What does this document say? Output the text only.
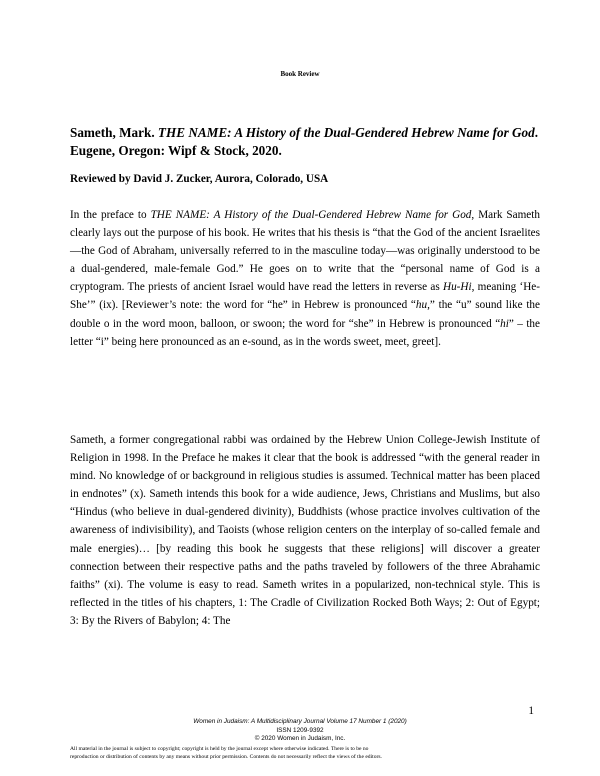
Book Review

Sameth, Mark. THE NAME: A History of the Dual-Gendered Hebrew Name for God. Eugene, Oregon: Wipf & Stock, 2020.

Reviewed by David J. Zucker, Aurora, Colorado, USA

In the preface to THE NAME: A History of the Dual-Gendered Hebrew Name for God, Mark Sameth clearly lays out the purpose of his book. He writes that his thesis is “that the God of the ancient Israelites—the God of Abraham, universally referred to in the masculine today—was originally understood to be a dual-gendered, male-female God.” He goes on to write that the “personal name of God is a cryptogram. The priests of ancient Israel would have read the letters in reverse as Hu-Hi, meaning ‘He-She’” (ix). [Reviewer’s note: the word for “he” in Hebrew is pronounced “hu,” the “u” sound like the double o in the word moon, balloon, or swoon; the word for “she” in Hebrew is pronounced “hi” – the letter “i” being here pronounced as an e-sound, as in the words sweet, meet, greet].

Sameth, a former congregational rabbi was ordained by the Hebrew Union College-Jewish Institute of Religion in 1998. In the Preface he makes it clear that the book is addressed “with the general reader in mind. No knowledge of or background in religious studies is assumed. Technical matter has been placed in endnotes” (x). Sameth intends this book for a wide audience, Jews, Christians and Muslims, but also “Hindus (who believe in dual-gendered divinity), Buddhists (whose practice involves cultivation of the awareness of indivisibility), and Taoists (whose religion centers on the interplay of so-called female and male energies)… [by reading this book he suggests that these religions] will discover a greater connection between their respective paths and the paths traveled by followers of the three Abrahamic faiths” (xi). The volume is easy to read. Sameth writes in a popularized, non-technical style. This is reflected in the titles of his chapters, 1: The Cradle of Civilization Rocked Both Ways; 2: Out of Egypt; 3: By the Rivers of Babylon; 4: The

1
Women in Judaism: A Multidisciplinary Journal Volume 17 Number 1 (2020)
ISSN 1209-9392
© 2020 Women in Judaism, Inc.
All material in the journal is subject to copyright; copyright is held by the journal except where otherwise indicated. There is to be no
reproduction or distribution of contents by any means without prior permission. Contents do not necessarily reflect the views of the editors.
